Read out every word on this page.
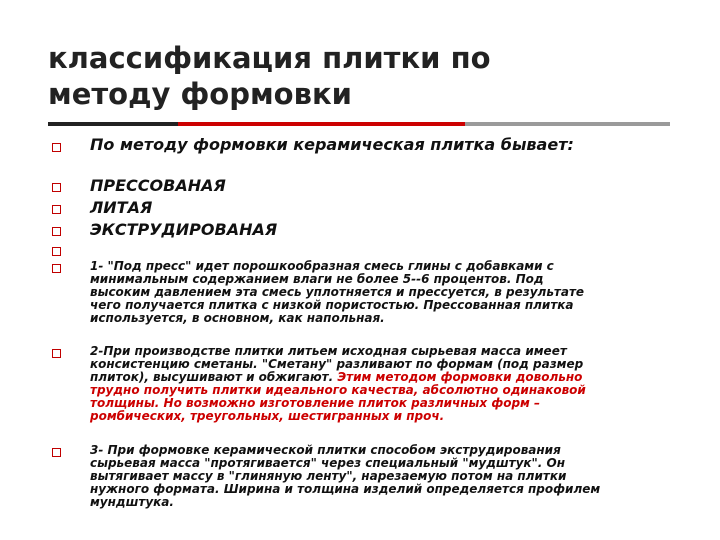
классификация плитки по
методу формовки
По методу формовки керамическая плитка бывает:
ПРЕССОВАНАЯ
ЛИТАЯ
ЭКСТРУДИРОВАНАЯ
1- "Под пресс" идет порошкообразная смесь глины с добавками с
минимальным содержанием влаги не более 5--6 процентов. Под
высоким давлением эта смесь уплотняется и прессуется, в результате
чего получается плитка с низкой пористостью. Прессованная плитка
используется, в основном, как напольная.
2-При производстве плитки литьем исходная сырьевая масса имеет
консистенцию сметаны. "Сметану" разливают по формам (под размер
плиток), высушивают и обжигают. Этим методом формовки довольно
трудно получить плитки идеального качества, абсолютно одинаковой
толщины. Но возможно изготовление плиток различных форм –
ромбических, треугольных, шестигранных и проч.
3- При формовке керамической плитки способом экструдирования
сырьевая масса "протягивается" через специальный "мудштук". Он
вытягивает массу в "глиняную ленту", нарезаемую потом на плитки
нужного формата. Ширина и толщина изделий определяется профилем
мундштука.
